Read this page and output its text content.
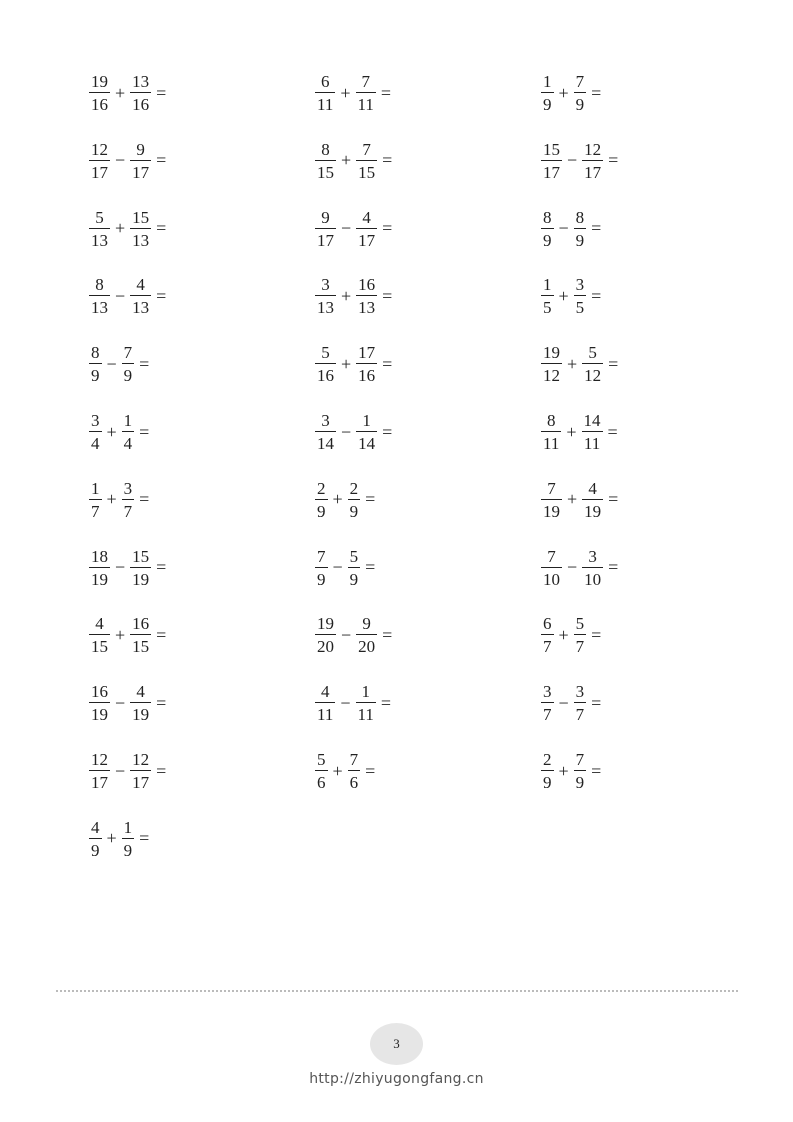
$\frac{19}{16} + \frac{13}{16}$ =	$\frac{6}{11} + \frac{7}{11}$ =	$\frac{1}{9} + \frac{7}{9}$ =
$\frac{12}{17} - \frac{9}{17}$ =	$\frac{8}{15} + \frac{7}{15}$ =	$\frac{15}{17} - \frac{12}{17}$ =
$\frac{5}{13} + \frac{15}{13}$ =	$\frac{9}{17} - \frac{4}{17}$ =	$\frac{8}{9} - \frac{8}{9}$ =
$\frac{8}{13} - \frac{4}{13}$ =	$\frac{3}{13} + \frac{16}{13}$ =	$\frac{1}{5} + \frac{3}{5}$ =
$\frac{8}{9} - \frac{7}{9}$ =	$\frac{5}{16} + \frac{17}{16}$ =	$\frac{19}{12} + \frac{5}{12}$ =
$\frac{3}{4} + \frac{1}{4}$ =	$\frac{3}{14} - \frac{1}{14}$ =	$\frac{8}{11} + \frac{14}{11}$ =
$\frac{1}{7} + \frac{3}{7}$ =	$\frac{2}{9} + \frac{2}{9}$ =	$\frac{7}{19} + \frac{4}{19}$ =
$\frac{18}{19} - \frac{15}{19}$ =	$\frac{7}{9} - \frac{5}{9}$ =	$\frac{7}{10} - \frac{3}{10}$ =
$\frac{4}{15} + \frac{16}{15}$ =	$\frac{19}{20} - \frac{9}{20}$ =	$\frac{6}{7} + \frac{5}{7}$ =
$\frac{16}{19} - \frac{4}{19}$ =	$\frac{4}{11} - \frac{1}{11}$ =	$\frac{3}{7} - \frac{3}{7}$ =
$\frac{12}{17} - \frac{12}{17}$ =	$\frac{5}{6} + \frac{7}{6}$ =	$\frac{2}{9} + \frac{7}{9}$ =
$\frac{4}{9} + \frac{1}{9}$ =
3
http://zhiyugongfang.cn
